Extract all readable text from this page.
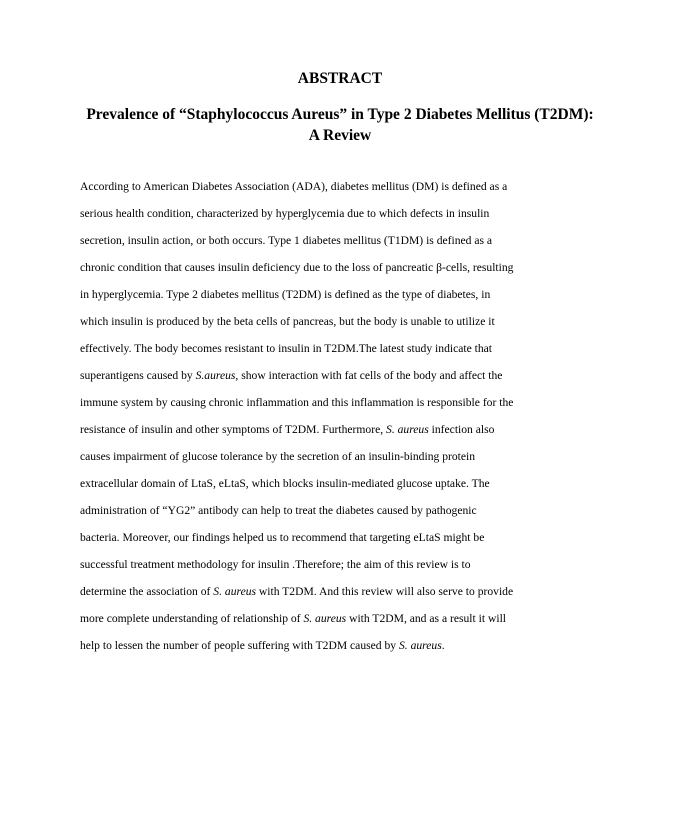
ABSTRACT
Prevalence of “Staphylococcus Aureus” in Type 2 Diabetes Mellitus (T2DM):
A Review
According to American Diabetes Association (ADA), diabetes mellitus (DM) is defined as a
serious health condition, characterized by hyperglycemia due to which defects in insulin
secretion, insulin action, or both occurs. Type 1 diabetes mellitus (T1DM) is defined as a
chronic condition that causes insulin deficiency due to the loss of pancreatic β-cells, resulting
in hyperglycemia. Type 2 diabetes mellitus (T2DM) is defined as the type of diabetes, in
which insulin is produced by the beta cells of pancreas, but the body is unable to utilize it
effectively. The body becomes resistant to insulin in T2DM.The latest study indicate that
superantigens caused by S.aureus, show interaction with fat cells of the body and affect the
immune system by causing chronic inflammation and this inflammation is responsible for the
resistance of insulin and other symptoms of T2DM. Furthermore, S. aureus infection also
causes impairment of glucose tolerance by the secretion of an insulin-binding protein
extracellular domain of LtaS, eLtaS, which blocks insulin-mediated glucose uptake. The
administration of “YG2” antibody can help to treat the diabetes caused by pathogenic
bacteria. Moreover, our findings helped us to recommend that targeting eLtaS might be
successful treatment methodology for insulin .Therefore; the aim of this review is to
determine the association of S. aureus with T2DM. And this review will also serve to provide
more complete understanding of relationship of S. aureus with T2DM, and as a result it will
help to lessen the number of people suffering with T2DM caused by S. aureus.
